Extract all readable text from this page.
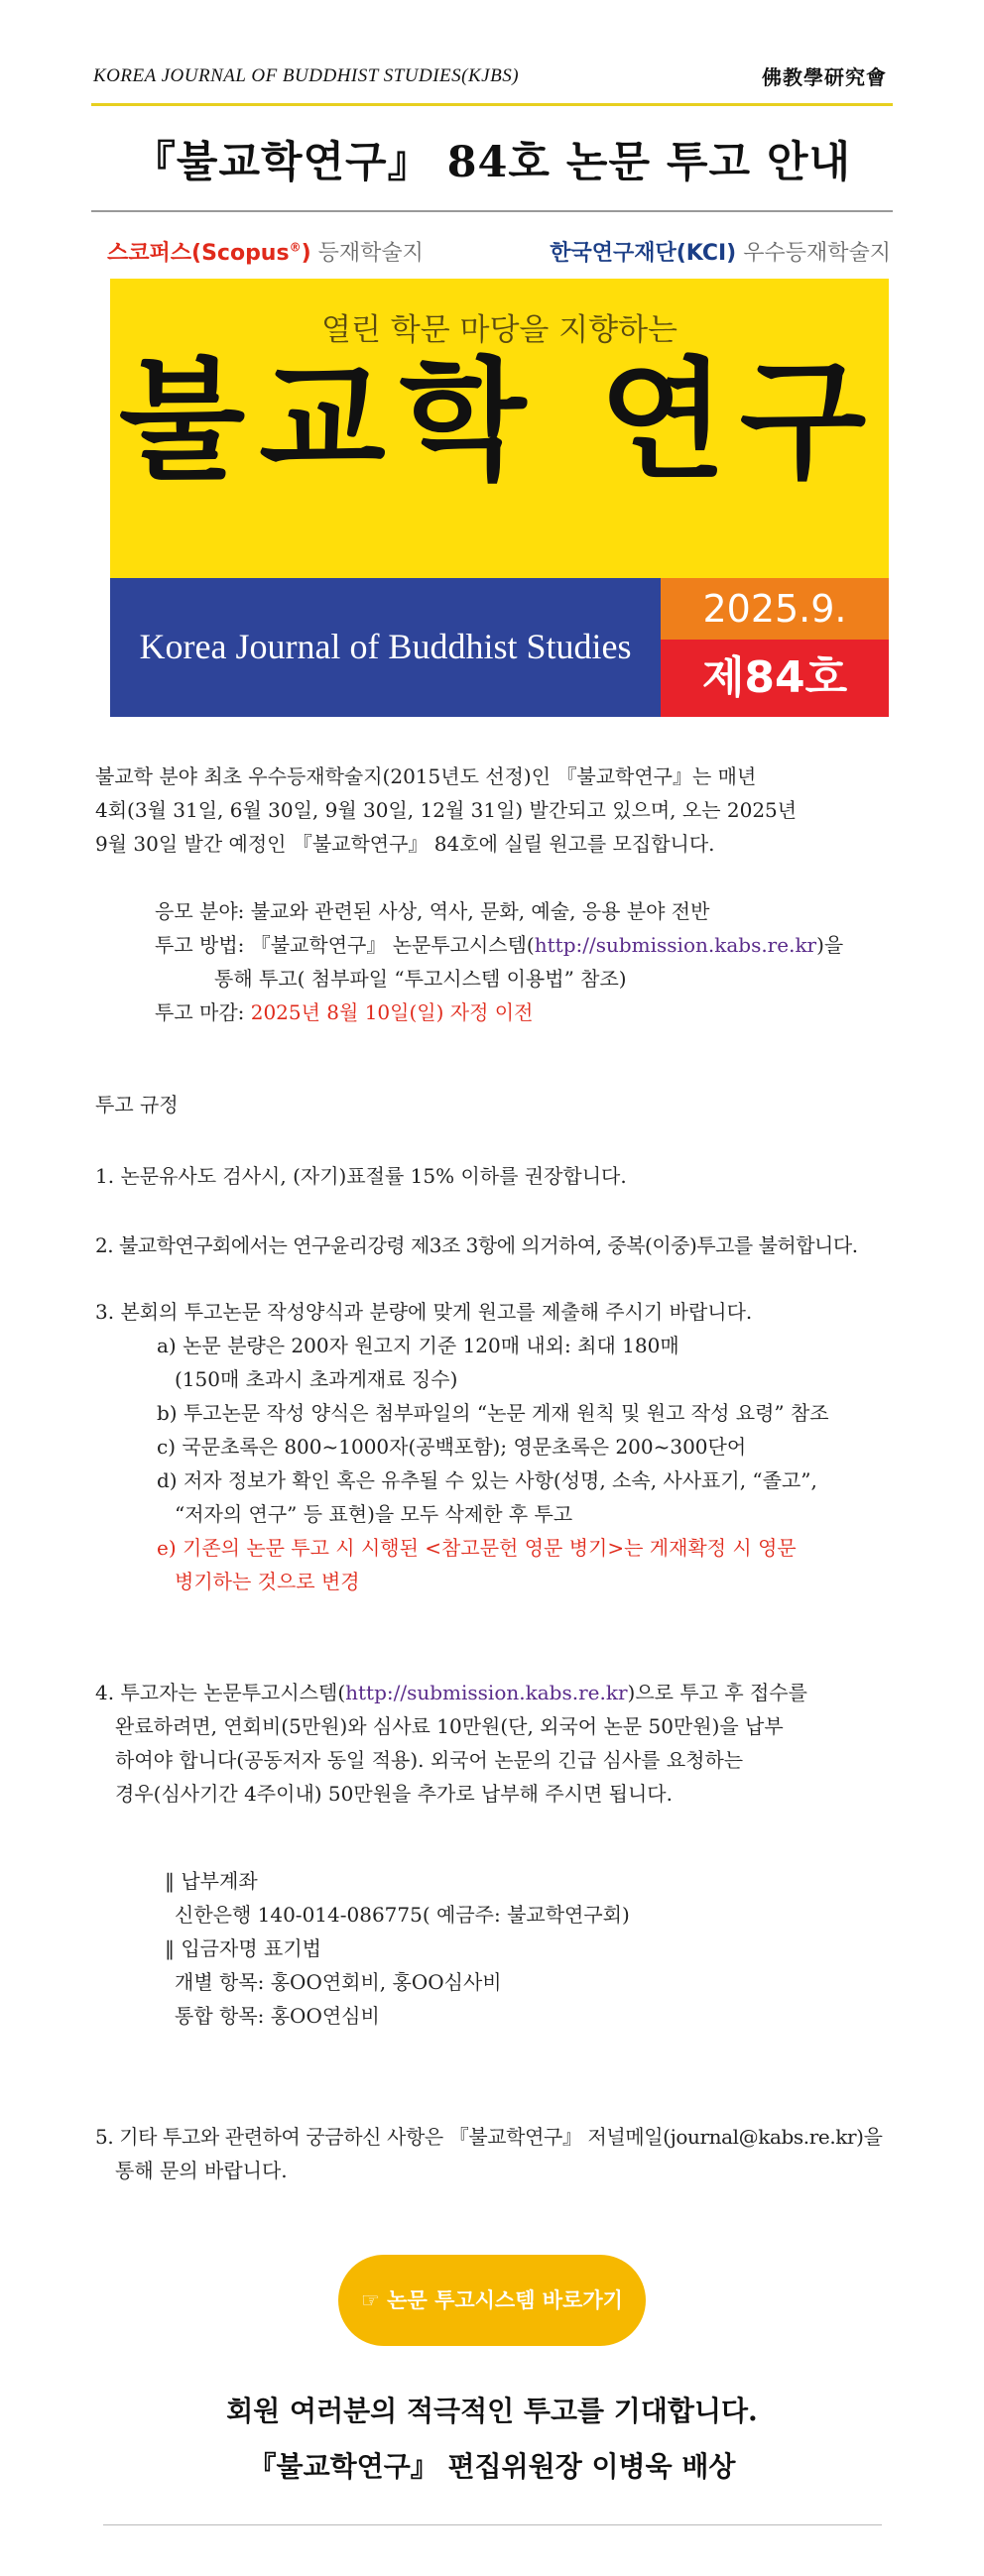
KOREA JOURNAL OF BUDDHIST STUDIES(KJBS)	佛教學研究會
『불교학연구』 84호 논문 투고 안내
스코퍼스(Scopus®) 등재학술지	한국연구재단(KCI) 우수등재학술지
열린 학문 마당을 지향하는
불교학 연구
Korea Journal of Buddhist Studies
2025.9.
제84호
불교학 분야 최초 우수등재학술지(2015년도 선정)인 『불교학연구』는 매년
4회(3월 31일, 6월 30일, 9월 30일, 12월 31일) 발간되고 있으며, 오는 2025년
9월 30일 발간 예정인 『불교학연구』 84호에 실릴 원고를 모집합니다.
응모 분야: 불교와 관련된 사상, 역사, 문화, 예술, 응용 분야 전반
투고 방법: 『불교학연구』 논문투고시스템(http://submission.kabs.re.kr)을
통해 투고( 첨부파일 “투고시스템 이용법” 참조)
투고 마감: 2025년 8월 10일(일) 자정 이전
투고 규정
1. 논문유사도 검사시, (자기)표절률 15% 이하를 권장합니다.
2. 불교학연구회에서는 연구윤리강령 제3조 3항에 의거하여, 중복(이중)투고를 불허합니다.
3. 본회의 투고논문 작성양식과 분량에 맞게 원고를 제출해 주시기 바랍니다.
a) 논문 분량은 200자 원고지 기준 120매 내외: 최대 180매
(150매 초과시 초과게재료 징수)
b) 투고논문 작성 양식은 첨부파일의 “논문 게재 원칙 및 원고 작성 요령” 참조
c) 국문초록은 800~1000자(공백포함); 영문초록은 200~300단어
d) 저자 정보가 확인 혹은 유추될 수 있는 사항(성명, 소속, 사사표기, “졸고”,
“저자의 연구” 등 표현)을 모두 삭제한 후 투고
e) 기존의 논문 투고 시 시행된 <참고문헌 영문 병기>는 게재확정 시 영문
병기하는 것으로 변경
4. 투고자는 논문투고시스템(http://submission.kabs.re.kr)으로 투고 후 접수를
완료하려면, 연회비(5만원)와 심사료 10만원(단, 외국어 논문 50만원)을 납부
하여야 합니다(공동저자 동일 적용). 외국어 논문의 긴급 심사를 요청하는
경우(심사기간 4주이내) 50만원을 추가로 납부해 주시면 됩니다.
‖ 납부계좌
신한은행 140-014-086775( 예금주: 불교학연구회)
‖ 입금자명 표기법
개별 항목: 홍OO연회비, 홍OO심사비
통합 항목: 홍OO연심비
5. 기타 투고와 관련하여 궁금하신 사항은 『불교학연구』 저널메일(journal@kabs.re.kr)을
통해 문의 바랍니다.
☞ 논문 투고시스템 바로가기
회원 여러분의 적극적인 투고를 기대합니다.
『불교학연구』 편집위원장 이병욱 배상
